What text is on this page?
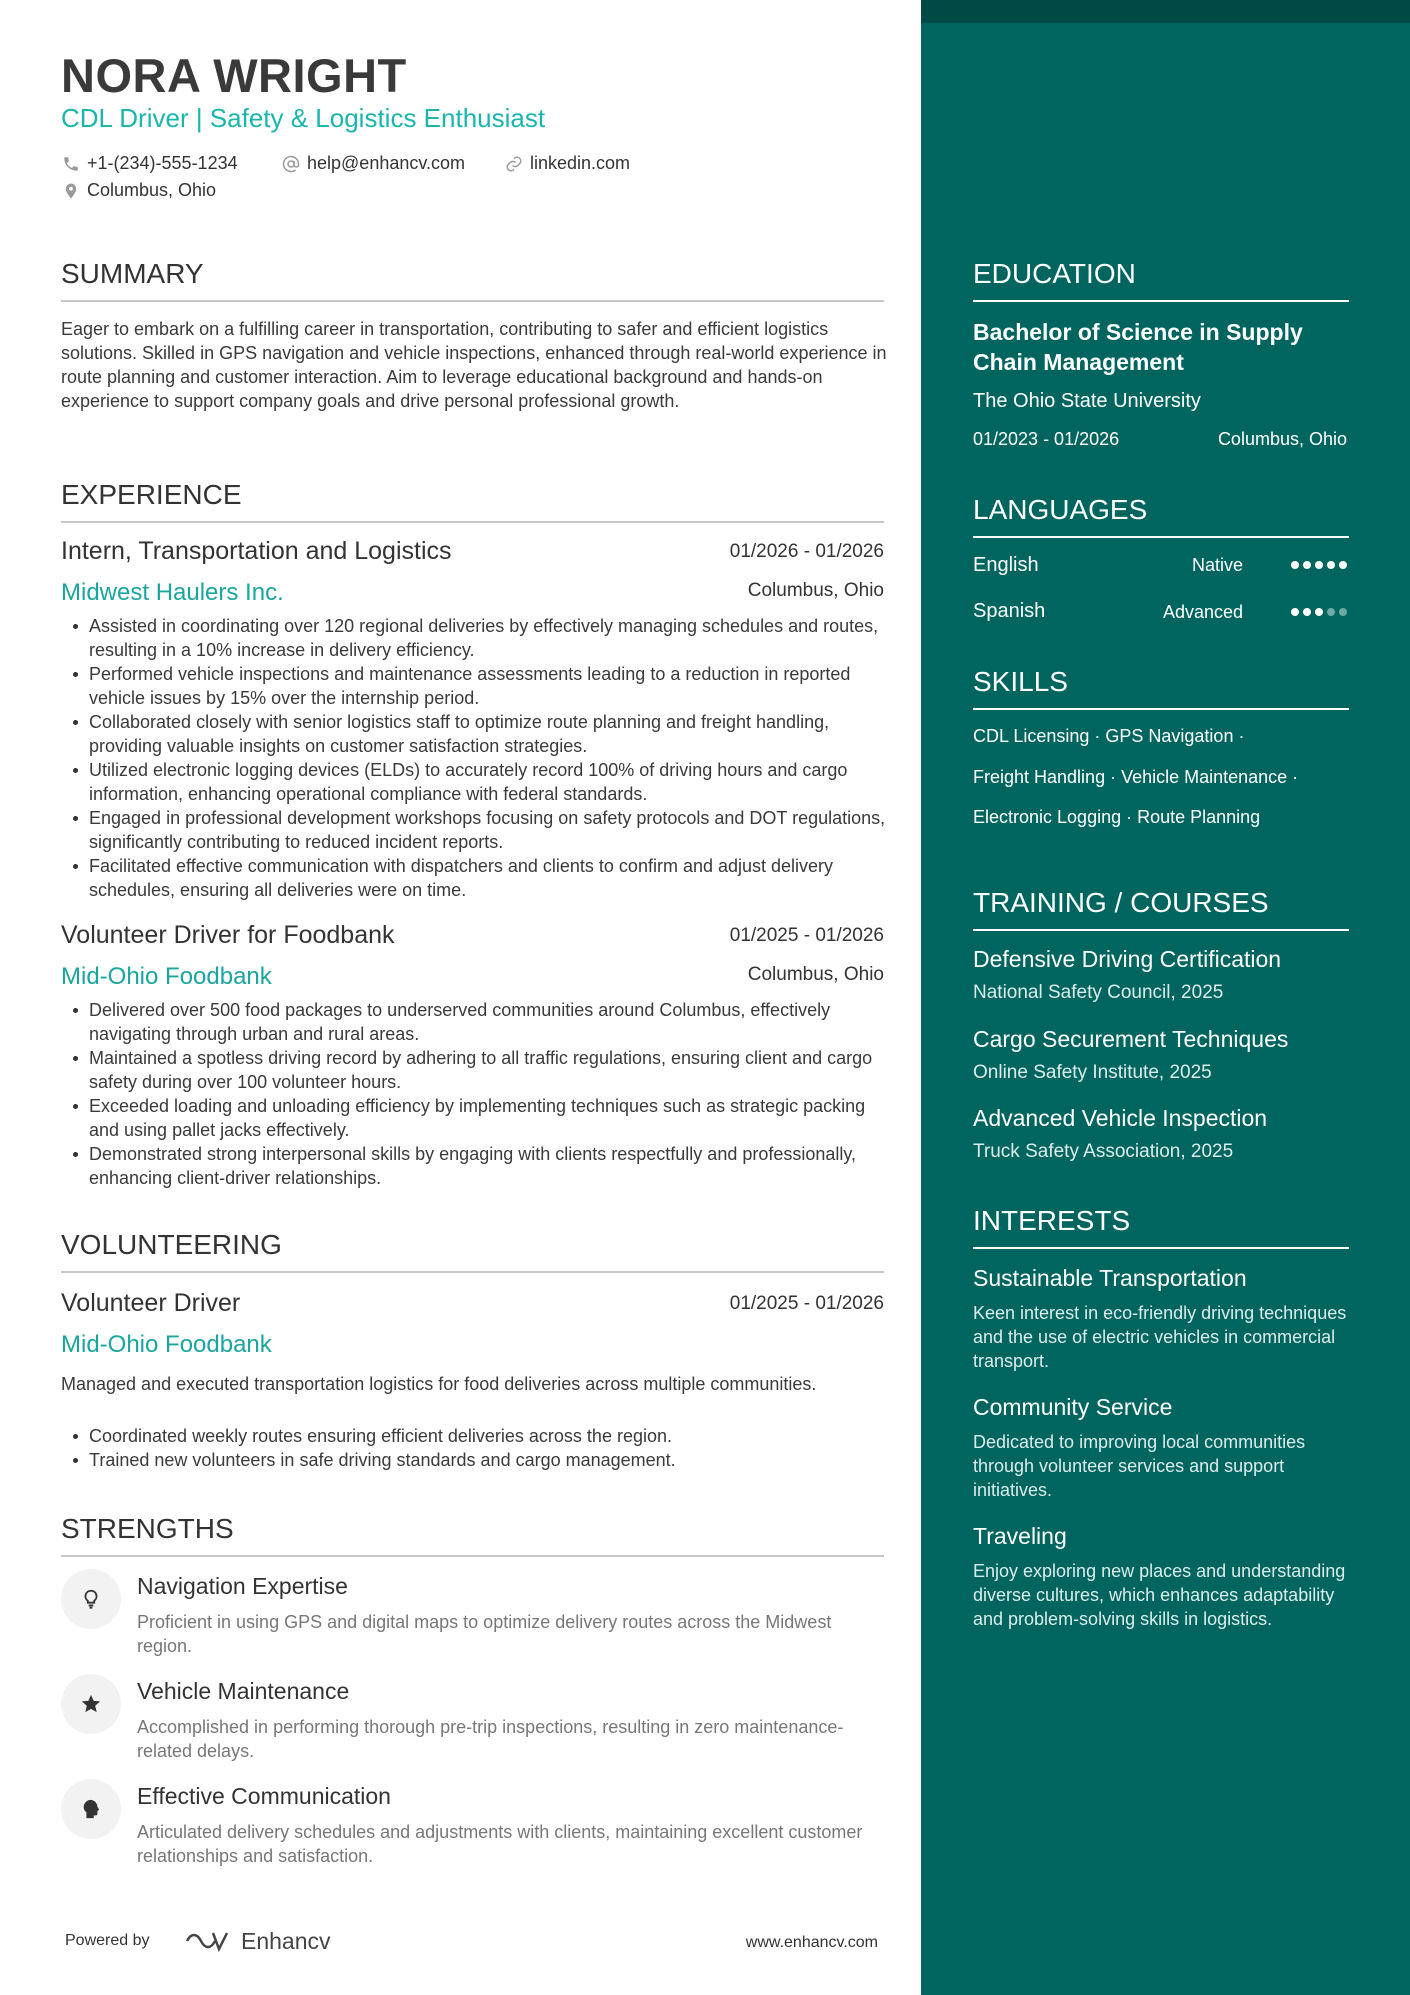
NORA WRIGHT
CDL Driver | Safety & Logistics Enthusiast
+1-(234)-555-1234	help@enhancv.com	linkedin.com
Columbus, Ohio
SUMMARY
Eager to embark on a fulfilling career in transportation, contributing to safer and efficient logistics solutions. Skilled in GPS navigation and vehicle inspections, enhanced through real-world experience in route planning and customer interaction. Aim to leverage educational background and hands-on experience to support company goals and drive personal professional growth.
EXPERIENCE
Intern, Transportation and Logistics	01/2026 - 01/2026
Midwest Haulers Inc.	Columbus, Ohio
Assisted in coordinating over 120 regional deliveries by effectively managing schedules and routes, resulting in a 10% increase in delivery efficiency.
Performed vehicle inspections and maintenance assessments leading to a reduction in reported vehicle issues by 15% over the internship period.
Collaborated closely with senior logistics staff to optimize route planning and freight handling, providing valuable insights on customer satisfaction strategies.
Utilized electronic logging devices (ELDs) to accurately record 100% of driving hours and cargo information, enhancing operational compliance with federal standards.
Engaged in professional development workshops focusing on safety protocols and DOT regulations, significantly contributing to reduced incident reports.
Facilitated effective communication with dispatchers and clients to confirm and adjust delivery schedules, ensuring all deliveries were on time.
Volunteer Driver for Foodbank	01/2025 - 01/2026
Mid-Ohio Foodbank	Columbus, Ohio
Delivered over 500 food packages to underserved communities around Columbus, effectively navigating through urban and rural areas.
Maintained a spotless driving record by adhering to all traffic regulations, ensuring client and cargo safety during over 100 volunteer hours.
Exceeded loading and unloading efficiency by implementing techniques such as strategic packing and using pallet jacks effectively.
Demonstrated strong interpersonal skills by engaging with clients respectfully and professionally, enhancing client-driver relationships.
VOLUNTEERING
Volunteer Driver	01/2025 - 01/2026
Mid-Ohio Foodbank
Managed and executed transportation logistics for food deliveries across multiple communities.
Coordinated weekly routes ensuring efficient deliveries across the region.
Trained new volunteers in safe driving standards and cargo management.
STRENGTHS
Navigation Expertise
Proficient in using GPS and digital maps to optimize delivery routes across the Midwest region.
Vehicle Maintenance
Accomplished in performing thorough pre-trip inspections, resulting in zero maintenance-related delays.
Effective Communication
Articulated delivery schedules and adjustments with clients, maintaining excellent customer relationships and satisfaction.
Powered by	Enhancv	www.enhancv.com
EDUCATION
Bachelor of Science in Supply Chain Management
The Ohio State University
01/2023 - 01/2026	Columbus, Ohio
LANGUAGES
English	Native
Spanish	Advanced
SKILLS
CDL Licensing · GPS Navigation ·
Freight Handling · Vehicle Maintenance ·
Electronic Logging · Route Planning
TRAINING / COURSES
Defensive Driving Certification
National Safety Council, 2025
Cargo Securement Techniques
Online Safety Institute, 2025
Advanced Vehicle Inspection
Truck Safety Association, 2025
INTERESTS
Sustainable Transportation
Keen interest in eco-friendly driving techniques and the use of electric vehicles in commercial transport.
Community Service
Dedicated to improving local communities through volunteer services and support initiatives.
Traveling
Enjoy exploring new places and understanding diverse cultures, which enhances adaptability and problem-solving skills in logistics.
